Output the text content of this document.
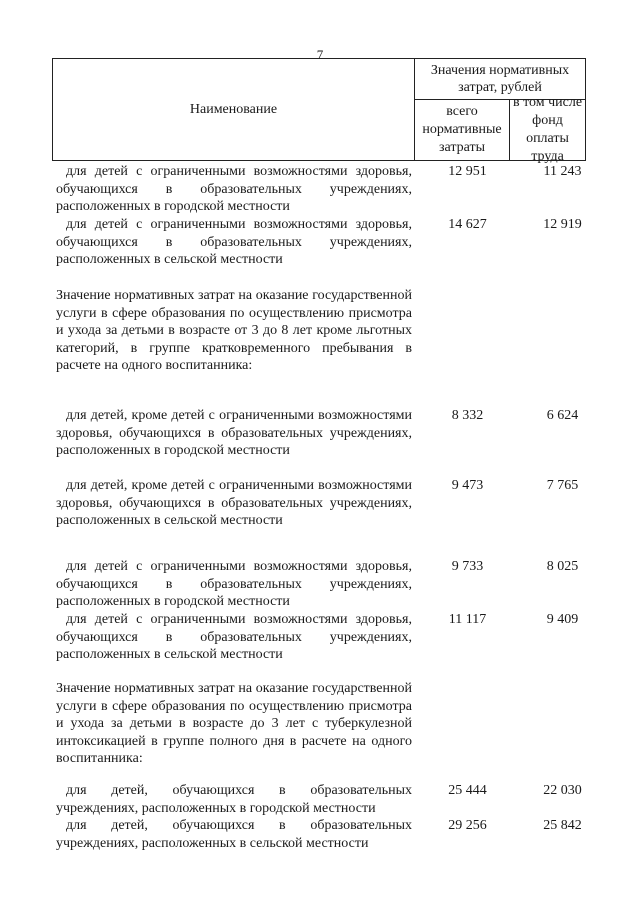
7
Наименование
Значения нормативных затрат, рублей
всего нормативные затраты
в том числе фонд оплаты труда
для детей с ограниченными возможностями здоровья, обучающихся в образовательных учреждениях, расположенных в городской местности
12 951	11 243
для детей с ограниченными возможностями здоровья, обучающихся в образовательных учреждениях, расположенных в сельской местности
14 627	12 919
Значение нормативных затрат на оказание государственной услуги в сфере образования по осуществлению присмотра и ухода за детьми в возрасте от 3 до 8 лет кроме льготных категорий, в группе кратковременного пребывания в расчете на одного воспитанника:
для детей, кроме детей с ограниченными возможностями здоровья, обучающихся в образовательных учреждениях, расположенных в городской местности
8 332	6 624
для детей, кроме детей с ограниченными возможностями здоровья, обучающихся в образовательных учреждениях, расположенных в сельской местности
9 473	7 765
для детей с ограниченными возможностями здоровья, обучающихся в образовательных учреждениях, расположенных в городской местности
9 733	8 025
для детей с ограниченными возможностями здоровья, обучающихся в образовательных учреждениях, расположенных в сельской местности
11 117	9 409
Значение нормативных затрат на оказание государственной услуги в сфере образования по осуществлению присмотра и ухода за детьми в возрасте до 3 лет с туберкулезной интоксикацией в группе полного дня в расчете на одного воспитанника:
для детей, обучающихся в образовательных учреждениях, расположенных в городской местности
25 444	22 030
для детей, обучающихся в образовательных учреждениях, расположенных в сельской местности
29 256	25 842
